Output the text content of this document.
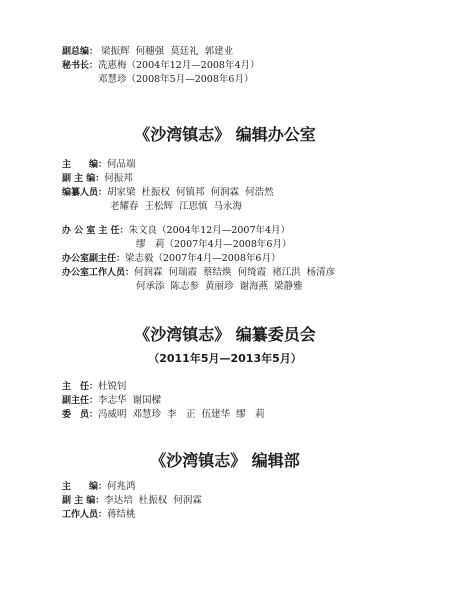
副总编： 梁振辉 何穗强 莫廷礼 郭建业
秘书长：冼惠梅（2004年12月—2008年4月）
邓慧珍（2008年5月—2008年6月）
《沙湾镇志》 编辑办公室
主　　编：何品端
副 主 编：何振邦
编纂人员：胡家梁 杜振权 何镇邦 何润霖 何浩然
老耀春 王松辉 江思慎 马永海
办 公 室 主 任：朱文良（2004年12月—2007年4月）
缪　莉（2007年4月—2008年6月）
办公室副主任：梁志毅（2007年4月—2008年6月）
办公室工作人员：何润霖 何瑞霞 蔡结焕 何绮霞 褚江洪 杨清彦
何承添 陈志参 黄丽珍 谢海燕 梁静雅
《沙湾镇志》 编纂委员会
（2011年5月—2013年5月）
主　任：杜锐钊
副主任：李志华 谢国樑
委　员：冯威明 邓慧珍 李　正 伍建华 缪　莉
《沙湾镇志》 编辑部
主　　编：何兆鸿
副 主 编：李达培 杜振权 何润霖
工作人员：蒋结桃
